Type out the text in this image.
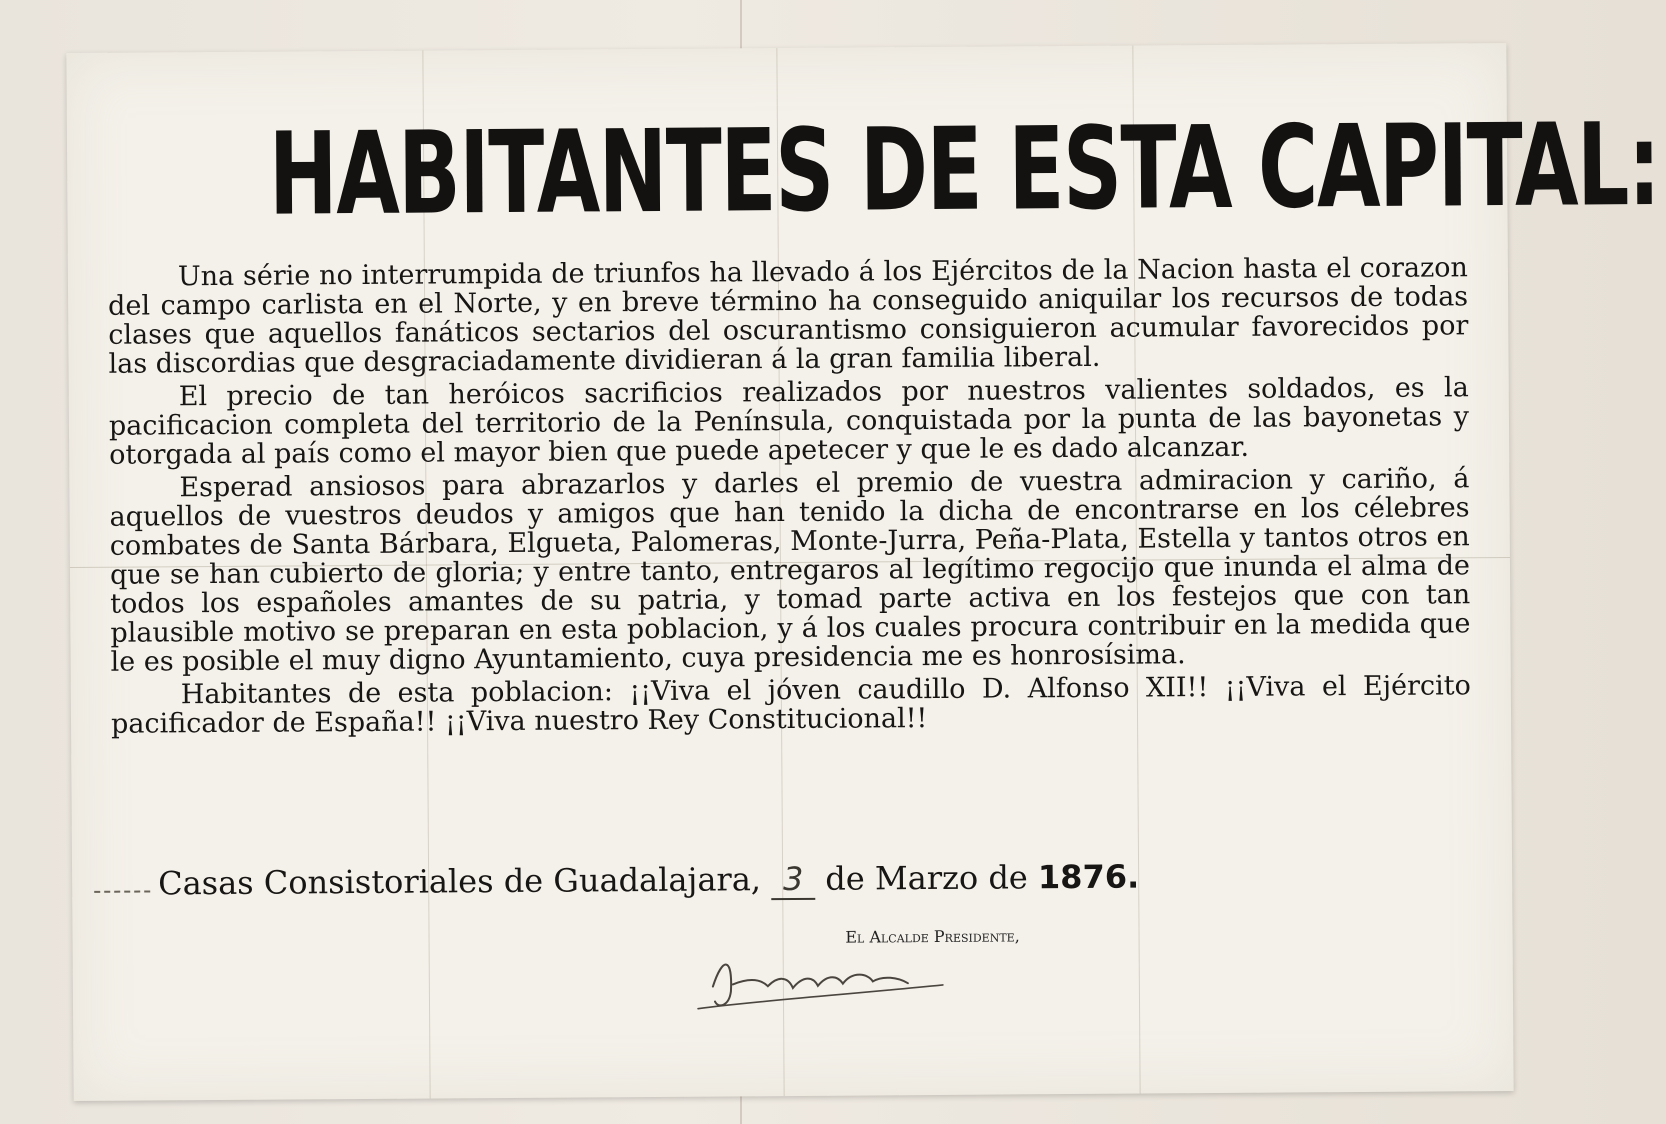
HABITANTES DE ESTA CAPITAL:

Una série no interrumpida de triunfos ha llevado á los Ejércitos de la Nacion hasta el corazon del campo carlista en el Norte, y en breve término ha conseguido aniquilar los recursos de todas clases que aquellos fanáticos sectarios del oscurantismo consiguieron acumular favorecidos por las discordias que desgraciadamente dividieran á la gran familia liberal.

El precio de tan heróicos sacrificios realizados por nuestros valientes soldados, es la pacificacion completa del territorio de la Península, conquistada por la punta de las bayonetas y otorgada al país como el mayor bien que puede apetecer y que le es dado alcanzar.

Esperad ansiosos para abrazarlos y darles el premio de vuestra admiracion y cariño, á aquellos de vuestros deudos y amigos que han tenido la dicha de encontrarse en los célebres combates de Santa Bárbara, Elgueta, Palomeras, Monte-Jurra, Peña-Plata, Estella y tantos otros en que se han cubierto de gloria; y entre tanto, entregaros al legítimo regocijo que inunda el alma de todos los españoles amantes de su patria, y tomad parte activa en los festejos que con tan plausible motivo se preparan en esta poblacion, y á los cuales procura contribuir en la medida que le es posible el muy digno Ayuntamiento, cuya presidencia me es honrosísima.

Habitantes de esta poblacion: ¡¡Viva el jóven caudillo D. Alfonso XII!! ¡¡Viva el Ejército pacificador de España!! ¡¡Viva nuestro Rey Constitucional!!

Casas Consistoriales de Guadalajara, 3 de Marzo de 1876.
El Alcalde Presidente,
